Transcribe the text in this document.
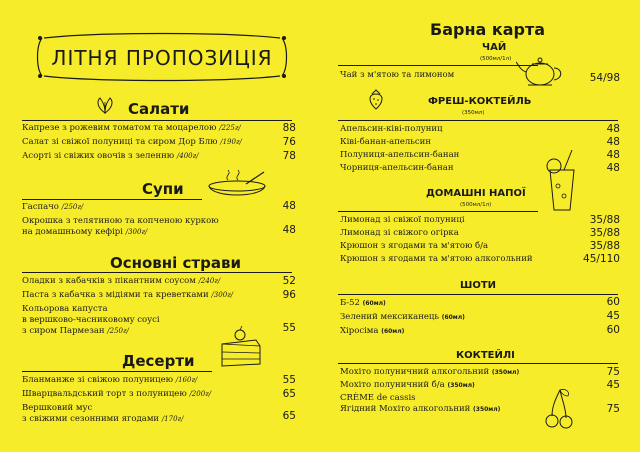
ЛІТНЯ ПРОПОЗИЦІЯ
Салати
Капрезе з рожевим томатом та моцарелою /225г/	88
Салат зі свіжої полуниці та сиром Дор Блю /190г/	76
Асорті зі свіжих овочів з зеленню /400г/	78
Супи
Гаспачо /250г/	48
Окрошка з телятиною та копченою куркою
на домашньому кефірі /300г/	48
Основні страви
Оладки з кабачків з пікантним соусом /240г/	52
Паста з кабачка з мідіями та креветками /300г/	96
Кольорова капуста
в вершково-часниковому соусі
з сиром Пармезан /250г/	55
Десерти
Бланманже зі свіжою полуницею /160г/	55
Шварцвальдський торт з полуницею /200г/	65
Вершковий мус
з свіжими сезонними ягодами /170г/	65
Барна карта
ЧАЙ
(500мл/1л)
Чай з м'ятою та лимоном	54/98
ФРЕШ-КОКТЕЙЛЬ
(350мл)
Апельсин-ківі-полуниц	48
Ківі-банан-апельсин	48
Полуниця-апельсин-банан	48
Чорниця-апельсин-банан	48
ДОМАШНІ НАПОЇ
(500мл/1л)
Лимонад зі свіжої полуниці	35/88
Лимонад зі свіжого огірка	35/88
Крюшон з ягодами та м'ятою б/а	35/88
Крюшон з ягодами та м'ятою алкогольний	45/110
ШОТИ
Б-52 (60мл)	60
Зелений мексиканець (60мл)	45
Хіросіма (60мл)	60
КОКТЕЙЛІ
Мохіто полуничний алкогольний (350мл)	75
Мохіто полуничний б/а (350мл)	45
CRÈME de cassis
Ягідний Мохіто алкогольний (350мл)	75
